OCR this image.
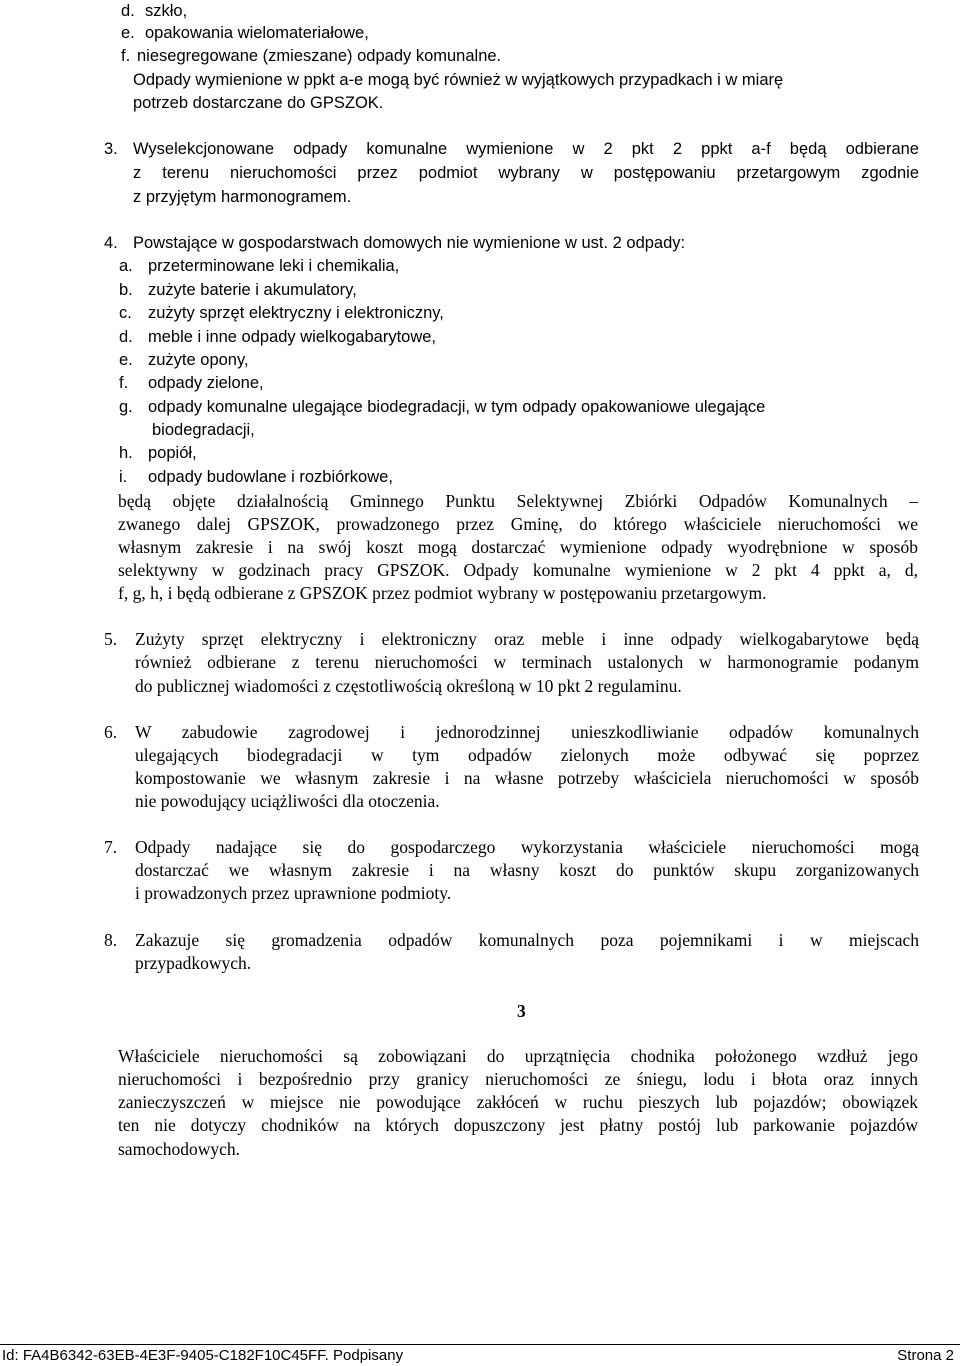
d. szkło,
e. opakowania wielomateriałowe,
f. niesegregowane (zmieszane) odpady komunalne.
Odpady wymienione w ppkt a-e mogą być również w wyjątkowych przypadkach i w miarę
potrzeb dostarczane do GPSZOK.
3. Wyselekcjonowane odpady komunalne wymienione w 2 pkt 2 ppkt a-f będą odbierane
z terenu nieruchomości przez podmiot wybrany w postępowaniu przetargowym zgodnie
z przyjętym harmonogramem.
4. Powstające w gospodarstwach domowych nie wymienione w ust. 2 odpady:
a. przeterminowane leki i chemikalia,
b. zużyte baterie i akumulatory,
c. zużyty sprzęt elektryczny i elektroniczny,
d. meble i inne odpady wielkogabarytowe,
e. zużyte opony,
f. odpady zielone,
g. odpady komunalne ulegające biodegradacji, w tym odpady opakowaniowe ulegające
biodegradacji,
h. popiół,
i. odpady budowlane i rozbiórkowe,
będą objęte działalnością Gminnego Punktu Selektywnej Zbiórki Odpadów Komunalnych –
zwanego dalej GPSZOK, prowadzonego przez Gminę, do którego właściciele nieruchomości we
własnym zakresie i na swój koszt mogą dostarczać wymienione odpady wyodrębnione w sposób
selektywny w godzinach pracy GPSZOK. Odpady komunalne wymienione w 2 pkt 4 ppkt a, d,
f, g, h, i będą odbierane z GPSZOK przez podmiot wybrany w postępowaniu przetargowym.
5. Zużyty sprzęt elektryczny i elektroniczny oraz meble i inne odpady wielkogabarytowe będą
również odbierane z terenu nieruchomości w terminach ustalonych w harmonogramie podanym
do publicznej wiadomości z częstotliwością określoną w 10 pkt 2 regulaminu.
6. W zabudowie zagrodowej i jednorodzinnej unieszkodliwianie odpadów komunalnych
ulegających biodegradacji w tym odpadów zielonych może odbywać się poprzez
kompostowanie we własnym zakresie i na własne potrzeby właściciela nieruchomości w sposób
nie powodujący uciążliwości dla otoczenia.
7. Odpady nadające się do gospodarczego wykorzystania właściciele nieruchomości mogą
dostarczać we własnym zakresie i na własny koszt do punktów skupu zorganizowanych
i prowadzonych przez uprawnione podmioty.
8. Zakazuje się gromadzenia odpadów komunalnych poza pojemnikami i w miejscach
przypadkowych.
3
Właściciele nieruchomości są zobowiązani do uprzątnięcia chodnika położonego wzdłuż jego
nieruchomości i bezpośrednio przy granicy nieruchomości ze śniegu, lodu i błota oraz innych
zanieczyszczeń w miejsce nie powodujące zakłóceń w ruchu pieszych lub pojazdów; obowiązek
ten nie dotyczy chodników na których dopuszczony jest płatny postój lub parkowanie pojazdów
samochodowych.
Id: FA4B6342-63EB-4E3F-9405-C182F10C45FF. Podpisany	Strona 2
